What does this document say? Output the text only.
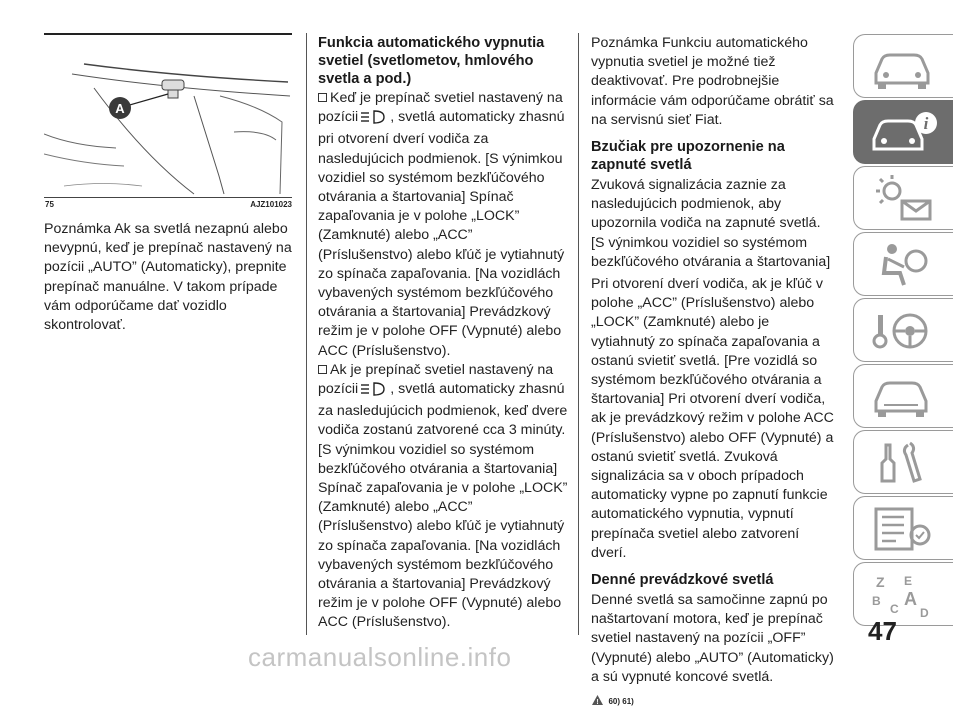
A
75	AJZ101023
Poznámka Ak sa svetlá nezapnú alebo nevypnú, keď je prepínač nastavený na pozícii „AUTO” (Automaticky), prepnite prepínač manuálne. V takom prípade vám odporúčame dať vozidlo skontrolovať.
Funkcia automatického vypnutia svetiel (svetlometov, hmlového svetla a pod.)

Keď je prepínač svetiel nastavený na pozícii , svetlá automaticky zhasnú pri otvorení dverí vodiča za nasledujúcich podmienok. [S výnimkou vozidiel so systémom bezkľúčového otvárania a štartovania] Spínač zapaľovania je v polohe „LOCK” (Zamknuté) alebo „ACC” (Príslušenstvo) alebo kľúč je vytiahnutý zo spínača zapaľovania. [Na vozidlách vybavených systémom bezkľúčového otvárania a štartovania] Prevádzkový režim je v polohe OFF (Vypnuté) alebo ACC (Príslušenstvo).

Ak je prepínač svetiel nastavený na pozícii , svetlá automaticky zhasnú za nasledujúcich podmienok, keď dvere vodiča zostanú zatvorené cca 3 minúty. [S výnimkou vozidiel so systémom bezkľúčového otvárania a štartovania] Spínač zapaľovania je v polohe „LOCK” (Zamknuté) alebo „ACC” (Príslušenstvo) alebo kľúč je vytiahnutý zo spínača zapaľovania. [Na vozidlách vybavených systémom bezkľúčového otvárania a štartovania] Prevádzkový režim je v polohe OFF (Vypnuté) alebo ACC (Príslušenstvo).

Poznámka Funkciu automatického vypnutia svetiel je možné tiež deaktivovať. Pre podrobnejšie informácie vám odporúčame obrátiť sa na servisnú sieť Fiat.
Bzučiak pre upozornenie na zapnuté svetlá
Zvuková signalizácia zaznie za nasledujúcich podmienok, aby upozornila vodiča na zapnuté svetlá. [S výnimkou vozidiel so systémom bezkľúčového otvárania a štartovania]
Pri otvorení dverí vodiča, ak je kľúč v polohe „ACC” (Príslušenstvo) alebo „LOCK” (Zamknuté) alebo je vytiahnutý zo spínača zapaľovania a ostanú svietiť svetlá. [Pre vozidlá so systémom bezkľúčového otvárania a štartovania] Pri otvorení dverí vodiča, ak je prevádzkový režim v polohe ACC (Príslušenstvo) alebo OFF (Vypnuté) a ostanú svietiť svetlá. Zvuková signalizácia sa v oboch prípadoch automaticky vypne po zapnutí funkcie automatického vypnutia, vypnutí prepínača svetiel alebo zatvorení dverí.
Denné prevádzkové svetlá
Denné svetlá sa samočinne zapnú po naštartovaní motora, keď je prepínač svetiel nastavený na pozícii „OFF” (Vypnuté) alebo „AUTO” (Automaticky) a sú vypnuté koncové svetlá.
! 60) 61)
i
Z E
B
C A
D
47
carmanualsonline.info
